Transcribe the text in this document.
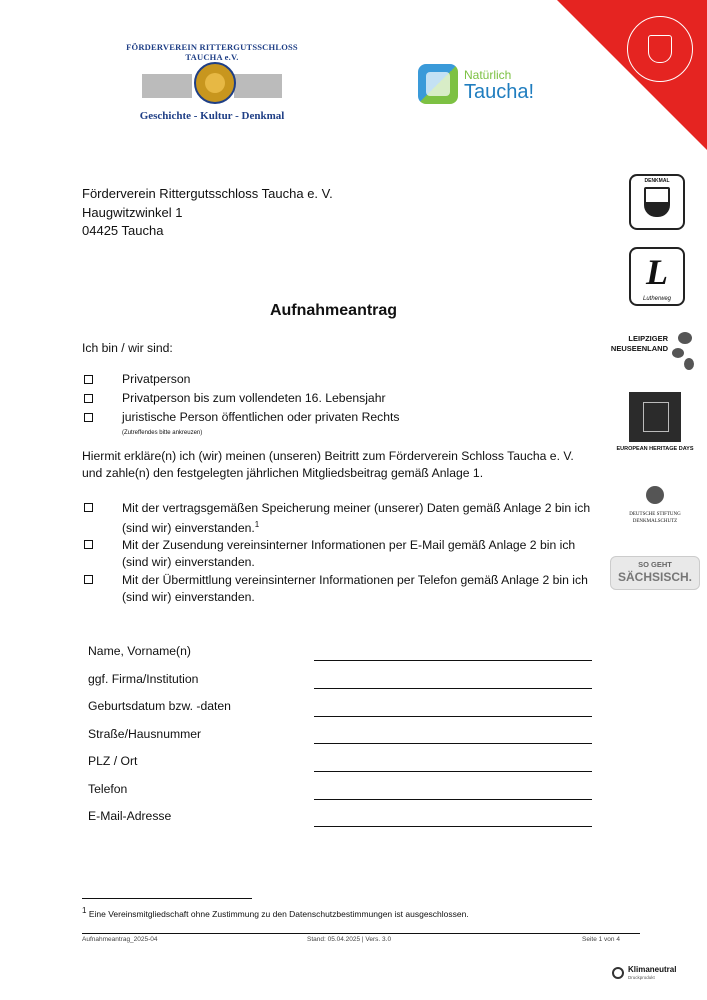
FÖRDERVEREIN RITTERGUTSSCHLOSS TAUCHA e.V.
Geschichte - Kultur - Denkmal
Natürlich
Taucha!
Förderverein Rittergutsschloss Taucha e. V.
Haugwitzwinkel 1
04425 Taucha
Aufnahmeantrag
Ich bin / wir sind:
Privatperson
Privatperson bis zum vollendeten 16. Lebensjahr
juristische Person öffentlichen oder privaten Rechts
(Zutreffendes bitte ankreuzen)
Hiermit erkläre(n) ich (wir) meinen (unseren) Beitritt zum Förderverein Schloss Taucha e. V. und zahle(n) den festgelegten jährlichen Mitgliedsbeitrag gemäß Anlage 1.
Mit der vertragsgemäßen Speicherung meiner (unserer) Daten gemäß Anlage 2 bin ich (sind wir) einverstanden.$^1$
Mit der Zusendung vereinsinterner Informationen per E-Mail gemäß Anlage 2 bin ich (sind wir) einverstanden.
Mit der Übermittlung vereinsinterner Informationen per Telefon gemäß Anlage 2 bin ich (sind wir) einverstanden.
Name, Vorname(n)
ggf. Firma/Institution
Geburtsdatum bzw. -daten
Straße/Hausnummer
PLZ / Ort
Telefon
E-Mail-Adresse
$^1$ Eine Vereinsmitgliedschaft ohne Zustimmung zu den Datenschutzbestimmungen ist ausgeschlossen.
Aufnahmeantrag_2025-04	Stand: 05.04.2025 | Vers. 3.0	Seite 1 von 4
DENKMAL
L
Lutherweg
LEIPZIGER
NEUSEENLAND
EUROPEAN HERITAGE DAYS
DEUTSCHE STIFTUNG DENKMALSCHUTZ
SO GEHT
SÄCHSISCH.
Klimaneutral
Druckprodukt
